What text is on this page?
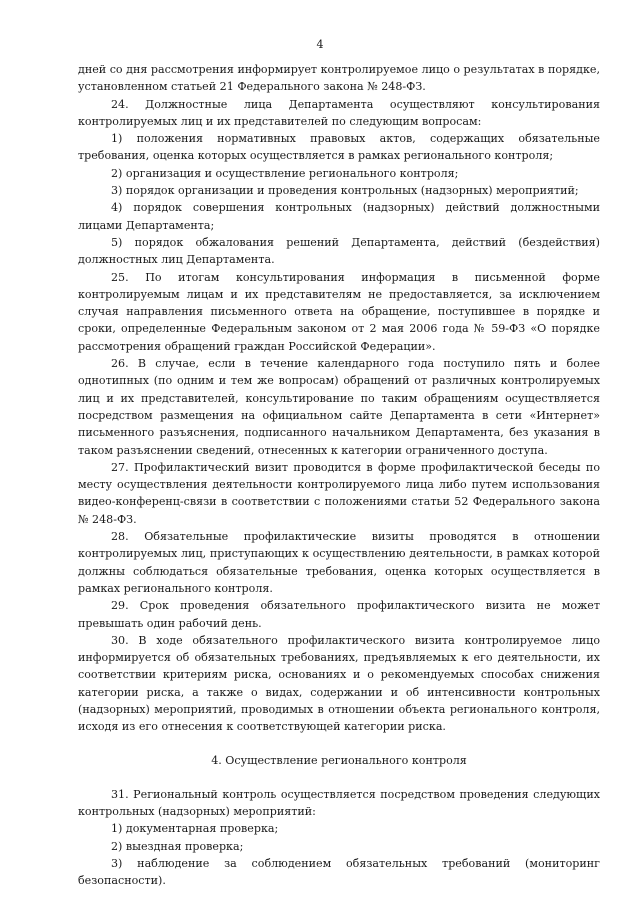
4

дней со дня рассмотрения информирует контролируемое лицо о результатах в порядке, установленном статьей 21 Федерального закона № 248-ФЗ.

24. Должностные лица Департамента осуществляют консультирования контролируемых лиц и их представителей по следующим вопросам:

1) положения нормативных правовых актов, содержащих обязательные требования, оценка которых осуществляется в рамках регионального контроля;

2) организация и осуществление регионального контроля;

3) порядок организации и проведения контрольных (надзорных) мероприятий;

4) порядок совершения контрольных (надзорных) действий должностными лицами Департамента;

5) порядок обжалования решений Департамента, действий (бездействия) должностных лиц Департамента.

25. По итогам консультирования информация в письменной форме контролируемым лицам и их представителям не предоставляется, за исключением случая направления письменного ответа на обращение, поступившее в порядке и сроки, определенные Федеральным законом от 2 мая 2006 года № 59-ФЗ «О порядке рассмотрения обращений граждан Российской Федерации».

26. В случае, если в течение календарного года поступило пять и более однотипных (по одним и тем же вопросам) обращений от различных контролируемых лиц и их представителей, консультирование по таким обращениям осуществляется посредством размещения на официальном сайте Департамента в сети «Интернет» письменного разъяснения, подписанного начальником Департамента, без указания в таком разъяснении сведений, отнесенных к категории ограниченного доступа.

27. Профилактический визит проводится в форме профилактической беседы по месту осуществления деятельности контролируемого лица либо путем использования видео-конференц-связи в соответствии с положениями статьи 52 Федерального закона № 248-ФЗ.

28. Обязательные профилактические визиты проводятся в отношении контролируемых лиц, приступающих к осуществлению деятельности, в рамках которой должны соблюдаться обязательные требования, оценка которых осуществляется в рамках регионального контроля.

29. Срок проведения обязательного профилактического визита не может превышать один рабочий день.

30. В ходе обязательного профилактического визита контролируемое лицо информируется об обязательных требованиях, предъявляемых к его деятельности, их соответствии критериям риска, основаниях и о рекомендуемых способах снижения категории риска, а также о видах, содержании и об интенсивности контрольных (надзорных) мероприятий, проводимых в отношении объекта регионального контроля, исходя из его отнесения к соответствующей категории риска.

4. Осуществление регионального контроля

31. Региональный контроль осуществляется посредством проведения следующих контрольных (надзорных) мероприятий:

1) документарная проверка;

2) выездная проверка;

3) наблюдение за соблюдением обязательных требований (мониторинг безопасности).
